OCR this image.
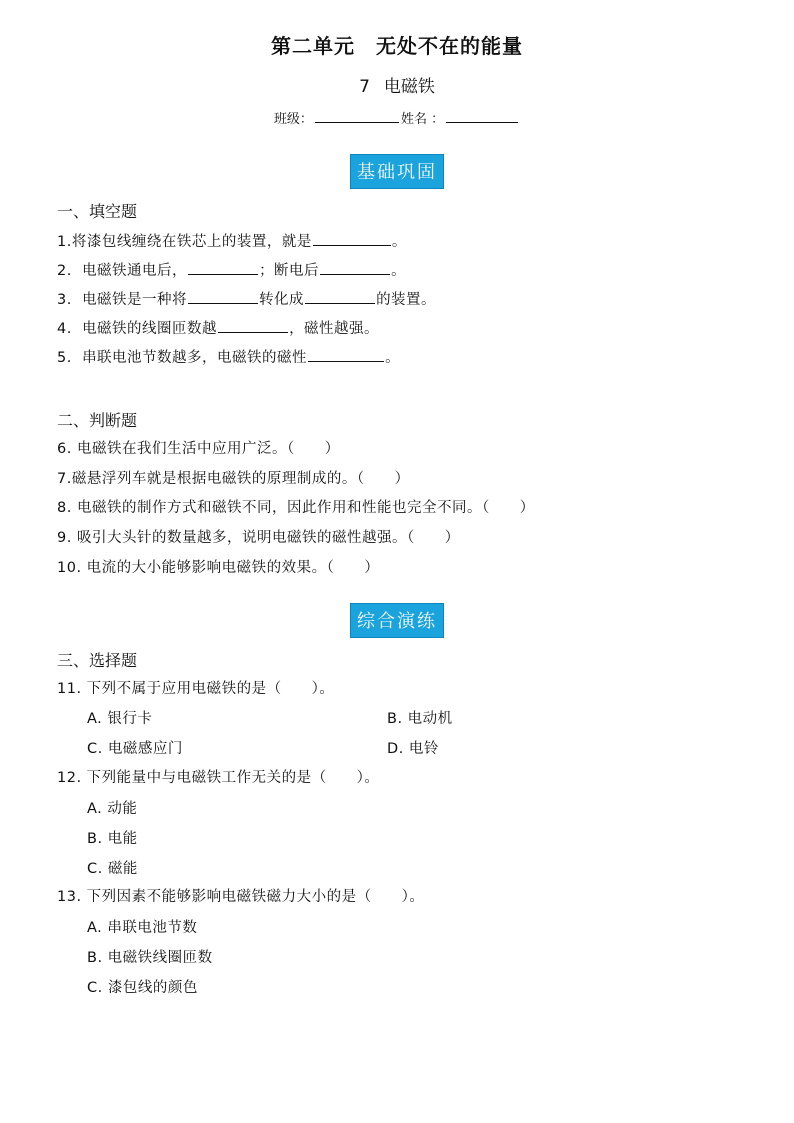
第二单元　无处不在的能量
7 电磁铁
班级：	姓名 ：
基础巩固
一、填空题
1.将漆包线缠绕在铁芯上的装置，就是	。
2. 电磁铁通电后，	；断电后	。
3. 电磁铁是一种将	转化成	的装置。
4. 电磁铁的线圈匝数越	，磁性越强。
5. 串联电池节数越多，电磁铁的磁性	。
二、判断题
6. 电磁铁在我们生活中应用广泛。（　　）
7.磁悬浮列车就是根据电磁铁的原理制成的。（　　）
8. 电磁铁的制作方式和磁铁不同，因此作用和性能也完全不同。（　　）
9. 吸引大头针的数量越多，说明电磁铁的磁性越强。（　　）
10. 电流的大小能够影响电磁铁的效果。（　　）
综合演练
三、选择题
11. 下列不属于应用电磁铁的是（　　）。
A. 银行卡	B. 电动机
C. 电磁感应门	D. 电铃
12. 下列能量中与电磁铁工作无关的是（　　）。
A. 动能
B. 电能
C. 磁能
13. 下列因素不能够影响电磁铁磁力大小的是（　　）。
A. 串联电池节数
B. 电磁铁线圈匝数
C. 漆包线的颜色
